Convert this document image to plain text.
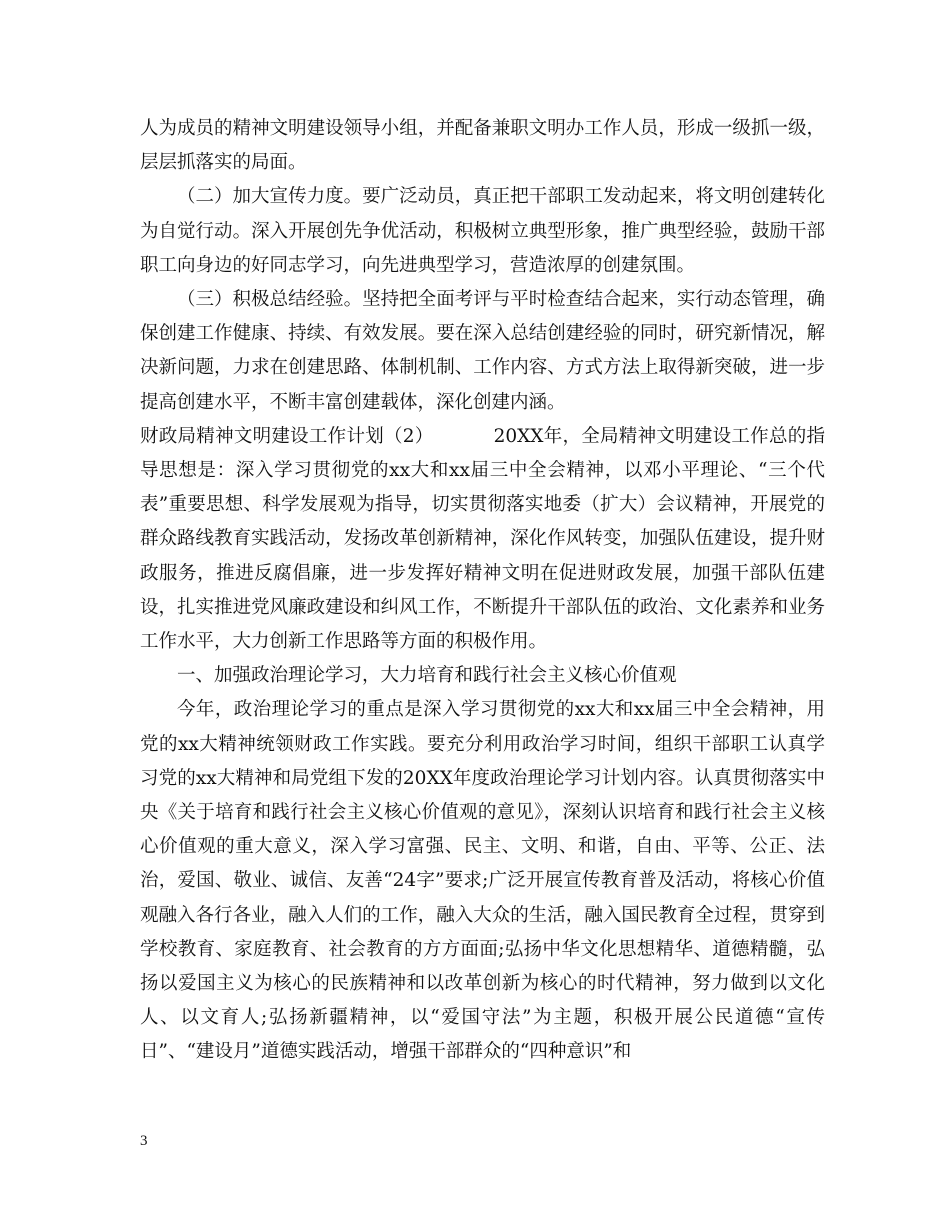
人为成员的精神文明建设领导小组，并配备兼职文明办工作人员，形成一级抓一级，层层抓落实的局面。

（二）加大宣传力度。要广泛动员，真正把干部职工发动起来，将文明创建转化为自觉行动。深入开展创先争优活动，积极树立典型形象，推广典型经验，鼓励干部职工向身边的好同志学习，向先进典型学习，营造浓厚的创建氛围。

（三）积极总结经验。坚持把全面考评与平时检查结合起来，实行动态管理，确保创建工作健康、持续、有效发展。要在深入总结创建经验的同时，研究新情况，解决新问题，力求在创建思路、体制机制、工作内容、方式方法上取得新突破，进一步提高创建水平，不断丰富创建载体，深化创建内涵。

财政局精神文明建设工作计划（2）	20XX年，全局精神文明建设工作总的指导思想是：深入学习贯彻党的xx大和xx届三中全会精神，以邓小平理论、“三个代表”重要思想、科学发展观为指导，切实贯彻落实地委（扩大）会议精神，开展党的群众路线教育实践活动，发扬改革创新精神，深化作风转变，加强队伍建设，提升财政服务，推进反腐倡廉，进一步发挥好精神文明在促进财政发展，加强干部队伍建设，扎实推进党风廉政建设和纠风工作，不断提升干部队伍的政治、文化素养和业务工作水平，大力创新工作思路等方面的积极作用。

一、加强政治理论学习，大力培育和践行社会主义核心价值观

今年，政治理论学习的重点是深入学习贯彻党的xx大和xx届三中全会精神，用党的xx大精神统领财政工作实践。要充分利用政治学习时间，组织干部职工认真学习党的xx大精神和局党组下发的20XX年度政治理论学习计划内容。认真贯彻落实中央《关于培育和践行社会主义核心价值观的意见》，深刻认识培育和践行社会主义核心价值观的重大意义，深入学习富强、民主、文明、和谐，自由、平等、公正、法治，爱国、敬业、诚信、友善“24字”要求;广泛开展宣传教育普及活动，将核心价值观融入各行各业，融入人们的工作，融入大众的生活，融入国民教育全过程，贯穿到学校教育、家庭教育、社会教育的方方面面;弘扬中华文化思想精华、道德精髓，弘扬以爱国主义为核心的民族精神和以改革创新为核心的时代精神，努力做到以文化人、以文育人;弘扬新疆精神，以“爱国守法”为主题，积极开展公民道德“宣传日”、“建设月”道德实践活动，增强干部群众的“四种意识”和

3
